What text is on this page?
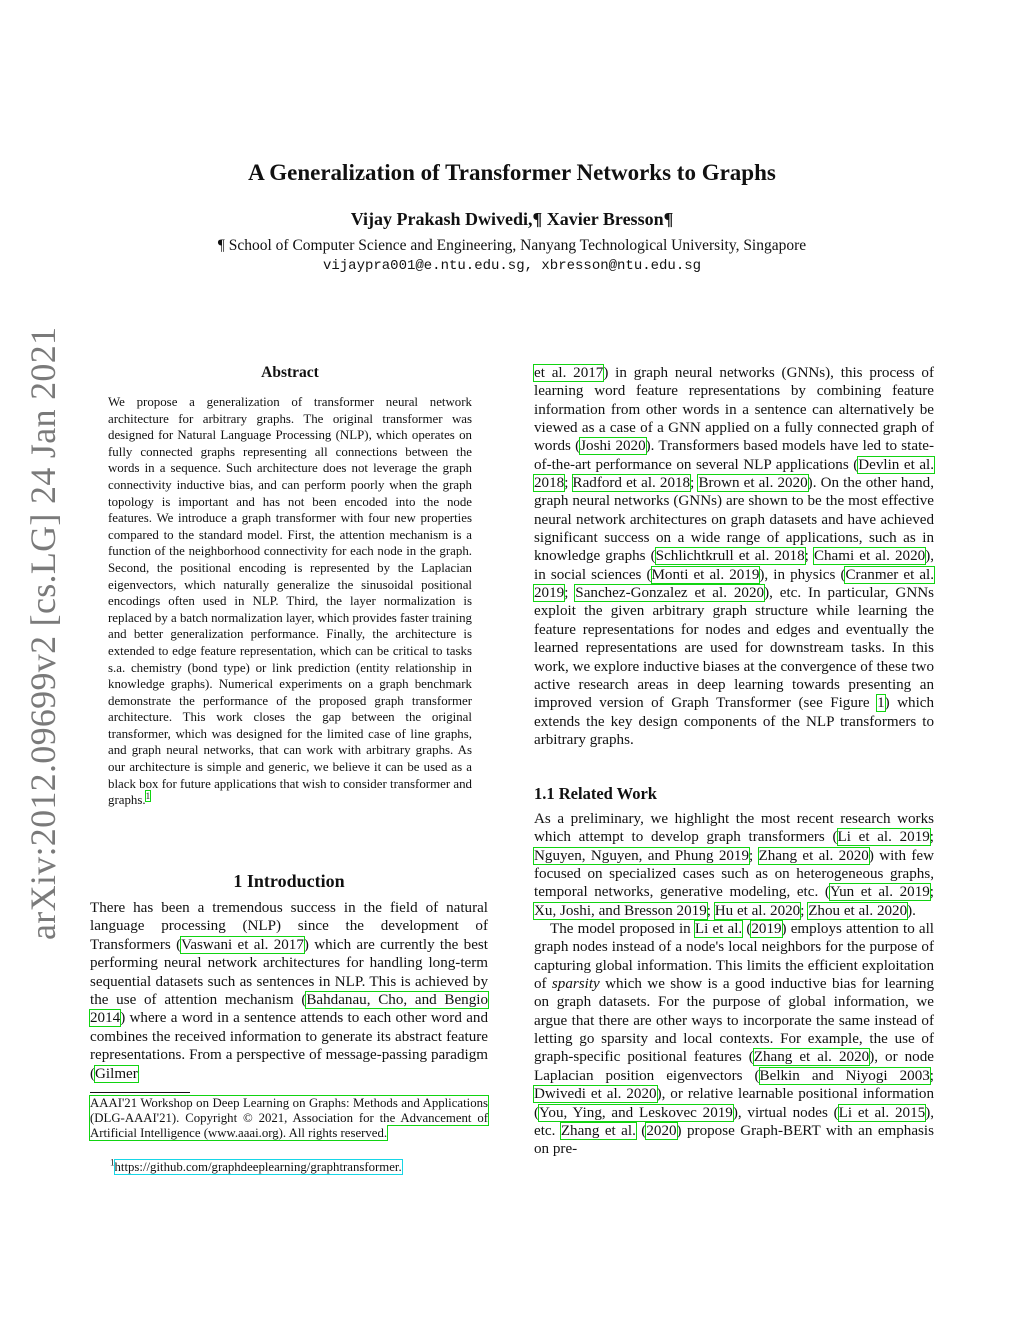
arXiv:2012.09699v2 [cs.LG] 24 Jan 2021
A Generalization of Transformer Networks to Graphs
Vijay Prakash Dwivedi,¶ Xavier Bresson¶
¶ School of Computer Science and Engineering, Nanyang Technological University, Singapore
vijaypra001@e.ntu.edu.sg, xbresson@ntu.edu.sg
Abstract
We propose a generalization of transformer neural network architecture for arbitrary graphs. The original transformer was designed for Natural Language Processing (NLP), which operates on fully connected graphs representing all connections between the words in a sequence. Such architecture does not leverage the graph connectivity inductive bias, and can perform poorly when the graph topology is important and has not been encoded into the node features. We introduce a graph transformer with four new properties compared to the standard model. First, the attention mechanism is a function of the neighborhood connectivity for each node in the graph. Second, the positional encoding is represented by the Laplacian eigenvectors, which naturally generalize the sinusoidal positional encodings often used in NLP. Third, the layer normalization is replaced by a batch normalization layer, which provides faster training and better generalization performance. Finally, the architecture is extended to edge feature representation, which can be critical to tasks s.a. chemistry (bond type) or link prediction (entity relationship in knowledge graphs). Numerical experiments on a graph benchmark demonstrate the performance of the proposed graph transformer architecture. This work closes the gap between the original transformer, which was designed for the limited case of line graphs, and graph neural networks, that can work with arbitrary graphs. As our architecture is simple and generic, we believe it can be used as a black box for future applications that wish to consider transformer and graphs.$^1$
1 Introduction
There has been a tremendous success in the field of natural language processing (NLP) since the development of Transformers (Vaswani et al. 2017) which are currently the best performing neural network architectures for handling long-term sequential datasets such as sentences in NLP. This is achieved by the use of attention mechanism (Bahdanau, Cho, and Bengio 2014) where a word in a sentence attends to each other word and combines the received information to generate its abstract feature representations. From a perspective of message-passing paradigm (Gilmer
AAAI'21 Workshop on Deep Learning on Graphs: Methods and Applications (DLG-AAAI'21). Copyright © 2021, Association for the Advancement of Artificial Intelligence (www.aaai.org). All rights reserved.
$^1$https://github.com/graphdeeplearning/graphtransformer.
et al. 2017) in graph neural networks (GNNs), this process of learning word feature representations by combining feature information from other words in a sentence can alternatively be viewed as a case of a GNN applied on a fully connected graph of words (Joshi 2020). Transformers based models have led to state-of-the-art performance on several NLP applications (Devlin et al. 2018; Radford et al. 2018; Brown et al. 2020). On the other hand, graph neural networks (GNNs) are shown to be the most effective neural network architectures on graph datasets and have achieved significant success on a wide range of applications, such as in knowledge graphs (Schlichtkrull et al. 2018; Chami et al. 2020), in social sciences (Monti et al. 2019), in physics (Cranmer et al. 2019; Sanchez-Gonzalez et al. 2020), etc. In particular, GNNs exploit the given arbitrary graph structure while learning the feature representations for nodes and edges and eventually the learned representations are used for downstream tasks. In this work, we explore inductive biases at the convergence of these two active research areas in deep learning towards presenting an improved version of Graph Transformer (see Figure 1) which extends the key design components of the NLP transformers to arbitrary graphs.
1.1 Related Work

As a preliminary, we highlight the most recent research works which attempt to develop graph transformers (Li et al. 2019; Nguyen, Nguyen, and Phung 2019; Zhang et al. 2020) with few focused on specialized cases such as on heterogeneous graphs, temporal networks, generative modeling, etc. (Yun et al. 2019; Xu, Joshi, and Bresson 2019; Hu et al. 2020; Zhou et al. 2020).

The model proposed in Li et al. (2019) employs attention to all graph nodes instead of a node's local neighbors for the purpose of capturing global information. This limits the efficient exploitation of sparsity which we show is a good inductive bias for learning on graph datasets. For the purpose of global information, we argue that there are other ways to incorporate the same instead of letting go sparsity and local contexts. For example, the use of graph-specific positional features (Zhang et al. 2020), or node Laplacian position eigenvectors (Belkin and Niyogi 2003; Dwivedi et al. 2020), or relative learnable positional information (You, Ying, and Leskovec 2019), virtual nodes (Li et al. 2015), etc. Zhang et al. (2020) propose Graph-BERT with an emphasis on pre-
